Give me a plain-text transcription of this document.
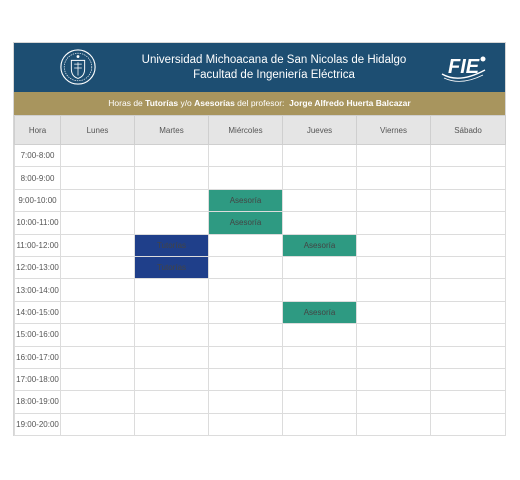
Universidad Michoacana de San Nicolas de Hidalgo
Facultad de Ingeniería Eléctrica	FIE
Horas de Tutorías y/o Asesorías del profesor: Jorge Alfredo Huerta Balcazar
Hora	Lunes	Martes	Miércoles	Jueves	Viernes	Sábado
7:00-8:00						
8:00-9:00						
9:00-10:00			Asesoría			
10:00-11:00			Asesoría			
11:00-12:00		Tutorías		Asesoría		
12:00-13:00		Tutorías				
13:00-14:00						
14:00-15:00				Asesoría		
15:00-16:00						
16:00-17:00						
17:00-18:00						
18:00-19:00						
19:00-20:00						
